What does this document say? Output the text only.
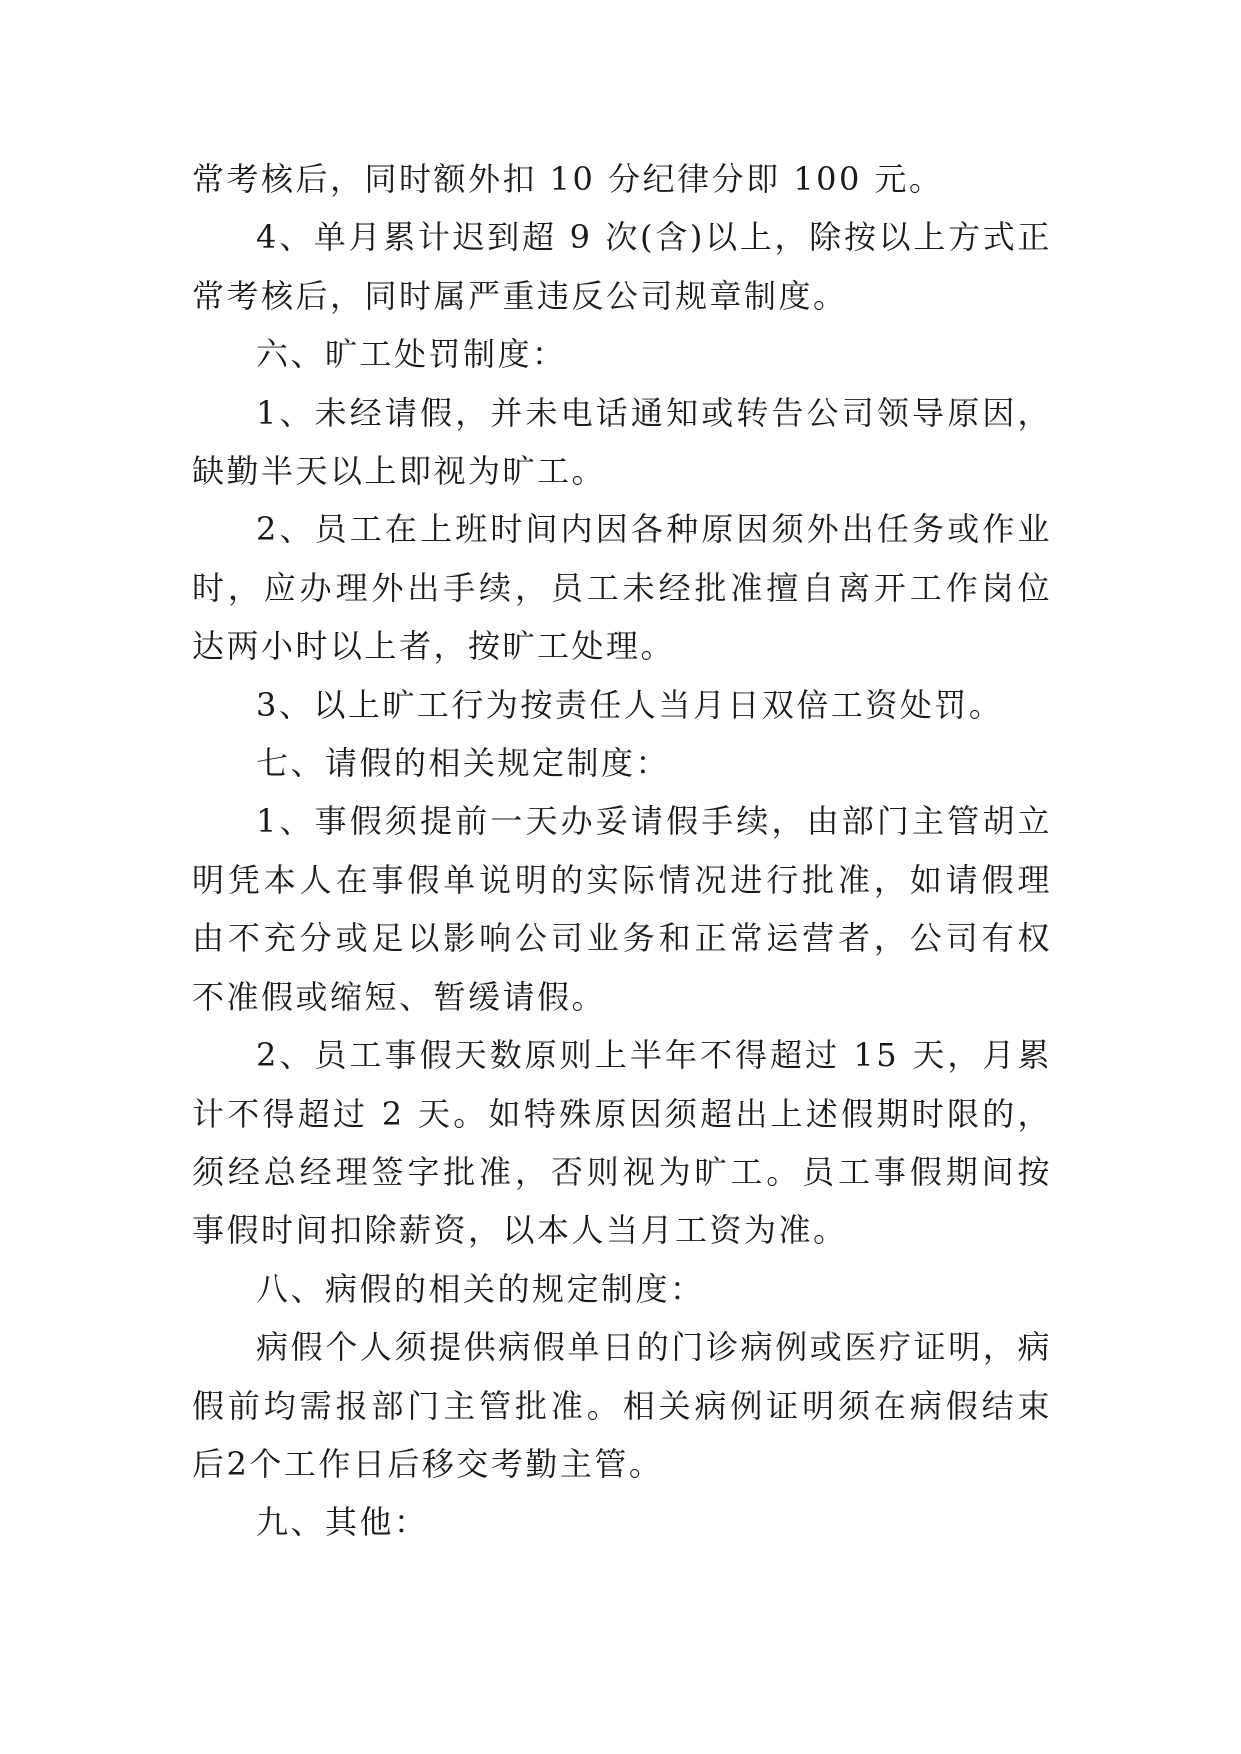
常考核后，同时额外扣 10 分纪律分即 100 元。

4、单月累计迟到超 9 次(含)以上，除按以上方式正常考核后，同时属严重违反公司规章制度。

六、旷工处罚制度：

1、未经请假，并未电话通知或转告公司领导原因，缺勤半天以上即视为旷工。

2、员工在上班时间内因各种原因须外出任务或作业时，应办理外出手续，员工未经批准擅自离开工作岗位达两小时以上者，按旷工处理。

3、以上旷工行为按责任人当月日双倍工资处罚。

七、请假的相关规定制度：

1、事假须提前一天办妥请假手续，由部门主管胡立明凭本人在事假单说明的实际情况进行批准，如请假理由不充分或足以影响公司业务和正常运营者，公司有权不准假或缩短、暂缓请假。

2、员工事假天数原则上半年不得超过 15 天，月累计不得超过 2 天。如特殊原因须超出上述假期时限的，须经总经理签字批准，否则视为旷工。员工事假期间按事假时间扣除薪资，以本人当月工资为准。

八、病假的相关的规定制度：

病假个人须提供病假单日的门诊病例或医疗证明，病假前均需报部门主管批准。相关病例证明须在病假结束后2个工作日后移交考勤主管。

九、其他：
